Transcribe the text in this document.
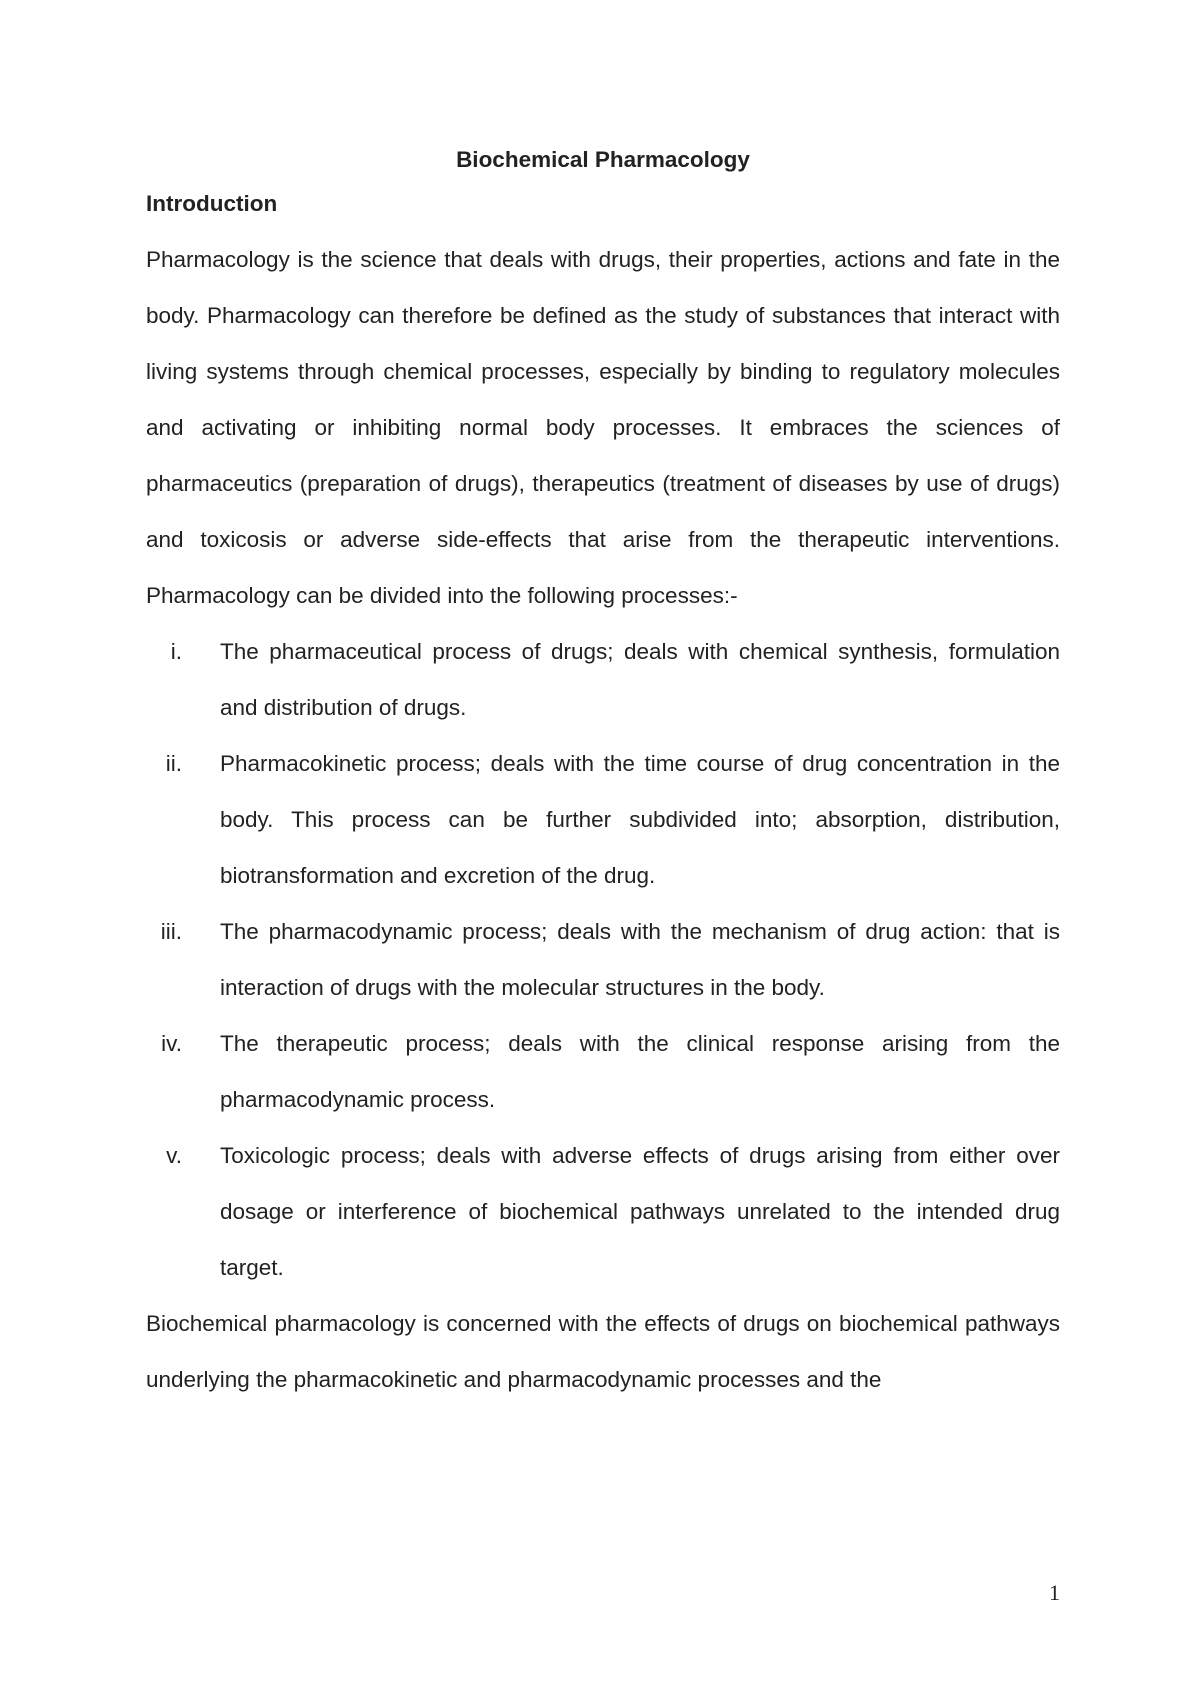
Biochemical Pharmacology
Introduction

Pharmacology is the science that deals with drugs, their properties, actions and fate in the body. Pharmacology can therefore be defined as the study of substances that interact with living systems through chemical processes, especially by binding to regulatory molecules and activating or inhibiting normal body processes. It embraces the sciences of pharmaceutics (preparation of drugs), therapeutics (treatment of diseases by use of drugs) and toxicosis or adverse side-effects that arise from the therapeutic interventions. Pharmacology can be divided into the following processes:-

i. The pharmaceutical process of drugs; deals with chemical synthesis, formulation and distribution of drugs.
ii. Pharmacokinetic process; deals with the time course of drug concentration in the body. This process can be further subdivided into; absorption, distribution, biotransformation and excretion of the drug.
iii. The pharmacodynamic process; deals with the mechanism of drug action: that is interaction of drugs with the molecular structures in the body.
iv. The therapeutic process; deals with the clinical response arising from the pharmacodynamic process.
v. Toxicologic process; deals with adverse effects of drugs arising from either over dosage or interference of biochemical pathways unrelated to the intended drug target.

Biochemical pharmacology is concerned with the effects of drugs on biochemical pathways underlying the pharmacokinetic and pharmacodynamic processes and the

1
